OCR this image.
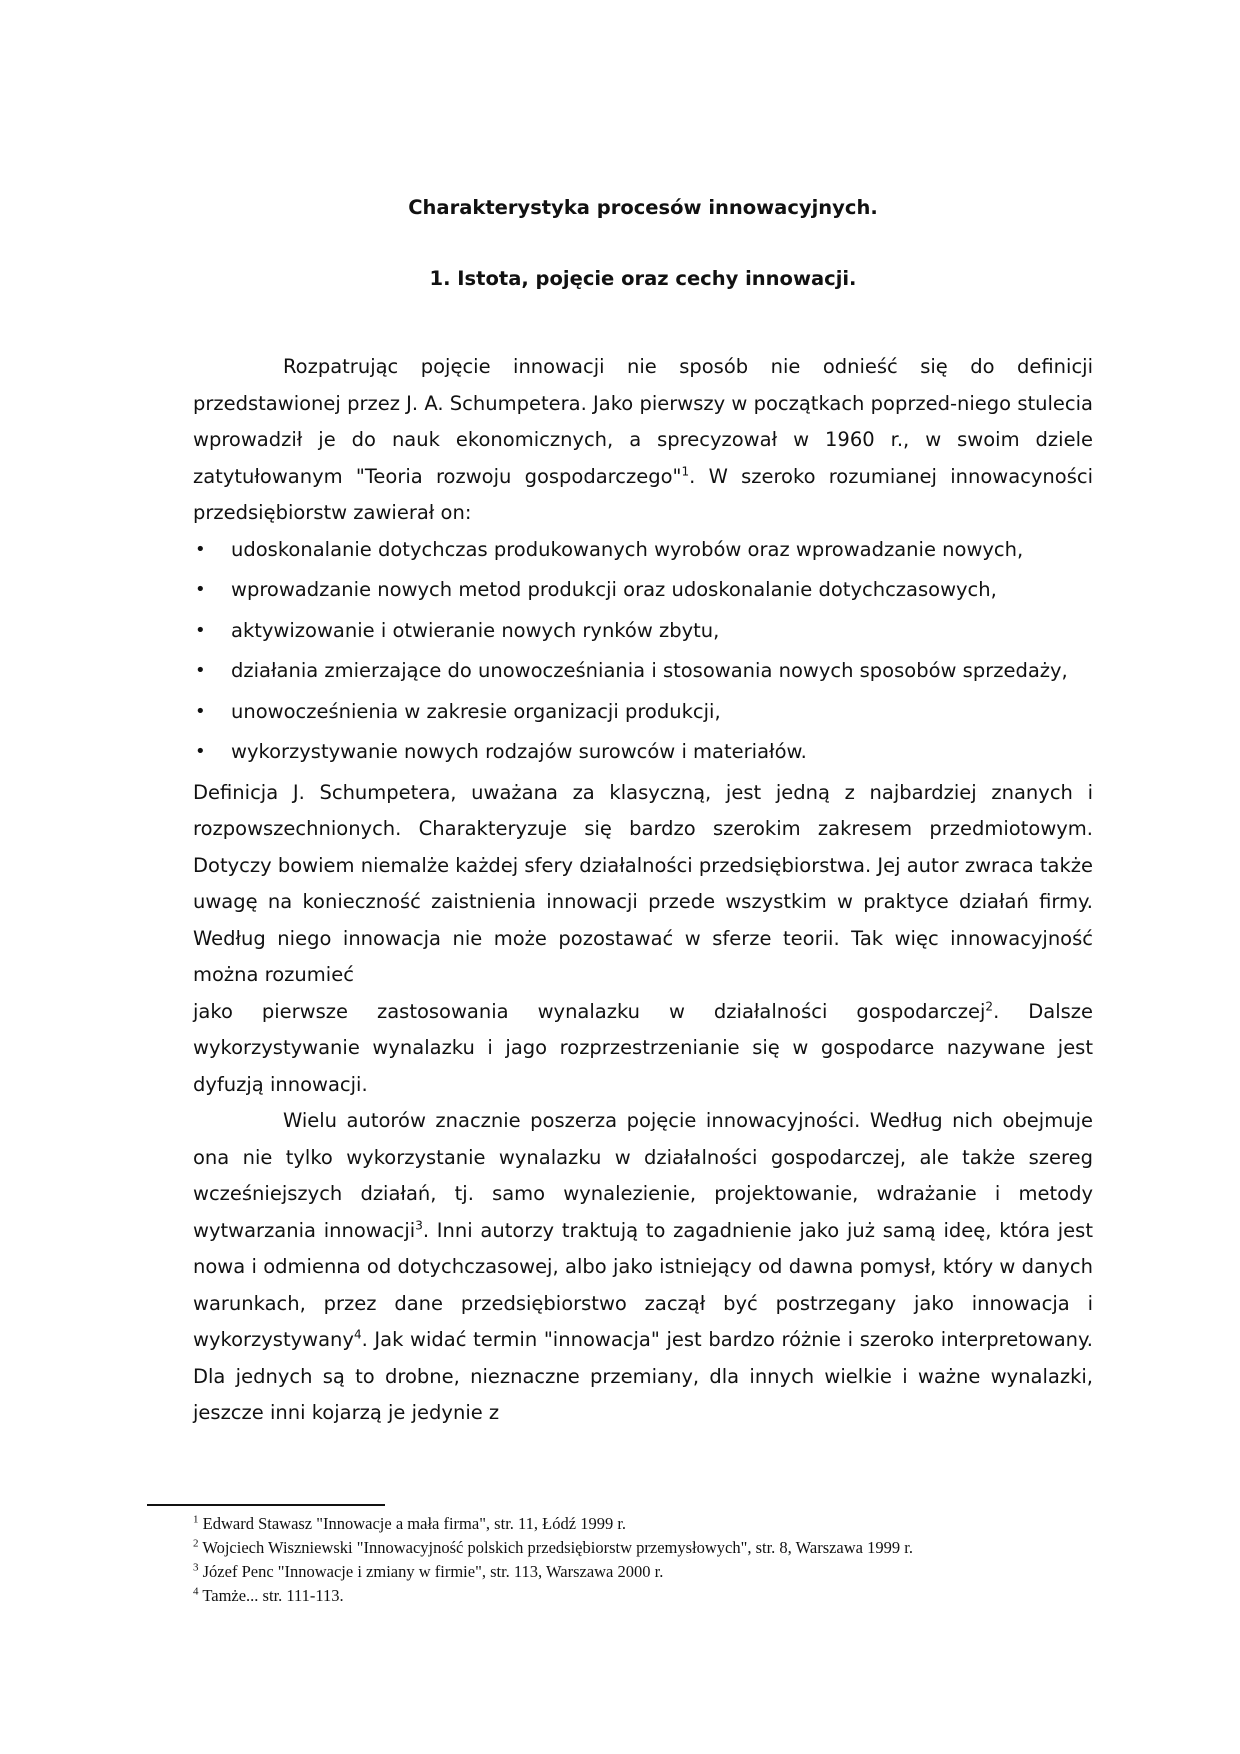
Charakterystyka procesów innowacyjnych.
1. Istota, pojęcie oraz cechy innowacji.

Rozpatrując pojęcie innowacji nie sposób nie odnieść się do definicji przedstawionej przez J. A. Schumpetera. Jako pierwszy w początkach poprzed-niego stulecia wprowadził je do nauk ekonomicznych, a sprecyzował w 1960 r., w swoim dziele zatytułowanym "Teoria rozwoju gospodarczego"$^1$. W szeroko rozumianej innowacyności przedsiębiorstw zawierał on:

• udoskonalanie dotychczas produkowanych wyrobów oraz wprowadzanie nowych,
• wprowadzanie nowych metod produkcji oraz udoskonalanie dotychczasowych,
• aktywizowanie i otwieranie nowych rynków zbytu,
• działania zmierzające do unowocześniania i stosowania nowych sposobów sprzedaży,
• unowocześnienia w zakresie organizacji produkcji,
• wykorzystywanie nowych rodzajów surowców i materiałów.

Definicja J. Schumpetera, uważana za klasyczną, jest jedną z najbardziej znanych i rozpowszechnionych. Charakteryzuje się bardzo szerokim zakresem przedmiotowym. Dotyczy bowiem niemalże każdej sfery działalności przedsiębiorstwa. Jej autor zwraca także uwagę na konieczność zaistnienia innowacji przede wszystkim w praktyce działań firmy. Według niego innowacja nie może pozostawać w sferze teorii. Tak więc innowacyjność można rozumieć

jako pierwsze zastosowania wynalazku w działalności gospodarczej$^2$. Dalsze wykorzystywanie wynalazku i jago rozprzestrzenianie się w gospodarce nazywane jest dyfuzją innowacji.

Wielu autorów znacznie poszerza pojęcie innowacyjności. Według nich obejmuje ona nie tylko wykorzystanie wynalazku w działalności gospodarczej, ale także szereg wcześniejszych działań, tj. samo wynalezienie, projektowanie, wdrażanie i metody wytwarzania innowacji$^3$. Inni autorzy traktują to zagadnienie jako już samą ideę, która jest nowa i odmienna od dotychczasowej, albo jako istniejący od dawna pomysł, który w danych warunkach, przez dane przedsiębiorstwo zaczął być postrzegany jako innowacja i wykorzystywany$^4$. Jak widać termin "innowacja" jest bardzo różnie i szeroko interpretowany. Dla jednych są to drobne, nieznaczne przemiany, dla innych wielkie i ważne wynalazki, jeszcze inni kojarzą je jedynie z

$^1$ Edward Stawasz "Innowacje a mała firma", str. 11, Łódź 1999 r.
$^2$ Wojciech Wiszniewski "Innowacyjność polskich przedsiębiorstw przemysłowych", str. 8, Warszawa 1999 r.
$^3$ Józef Penc "Innowacje i zmiany w firmie", str. 113, Warszawa 2000 r.
$^4$ Tamże... str. 111-113.
